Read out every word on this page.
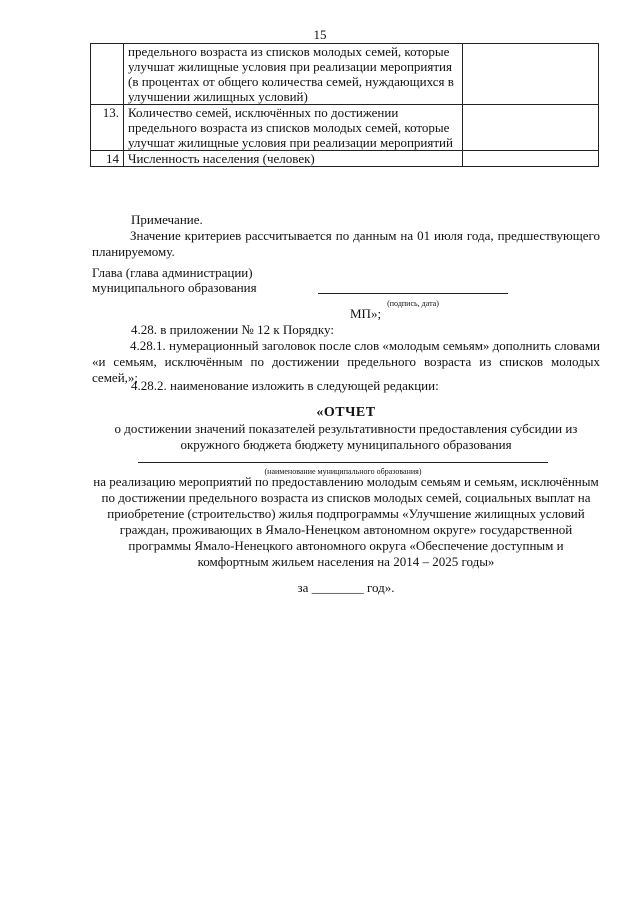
15
	предельного возраста из списков молодых семей, которые улучшат жилищные условия при реализации мероприятия (в процентах от общего количества семей, нуждающихся в улучшении жилищных условий)	
13.	Количество семей, исключённых по достижении предельного возраста из списков молодых семей, которые улучшат жилищные условия при реализации мероприятий	
14	Численность населения (человек)	
Примечание.
Значение критериев рассчитывается по данным на 01 июля года, предшествующего планируемому.
Глава (глава администрации)
муниципального образования
(подпись, дата)
МП»;
4.28. в приложении № 12 к Порядку:
4.28.1. нумерационный заголовок после слов «молодым семьям» дополнить словами «и семьям, исключённым по достижении предельного возраста из списков молодых семей,»;
4.28.2. наименование изложить в следующей редакции:
«ОТЧЕТ
о достижении значений показателей результативности предоставления субсидии из окружного бюджета бюджету муниципального образования
(наименование муниципального образования)
на реализацию мероприятий по предоставлению молодым семьям и семьям, исключённым по достижении предельного возраста из списков молодых семей, социальных выплат на приобретение (строительство) жилья подпрограммы «Улучшение жилищных условий граждан, проживающих в Ямало-Ненецком автономном округе» государственной программы Ямало-Ненецкого автономного округа «Обеспечение доступным и комфортным жильем населения на 2014 – 2025 годы»
за ________ год».
